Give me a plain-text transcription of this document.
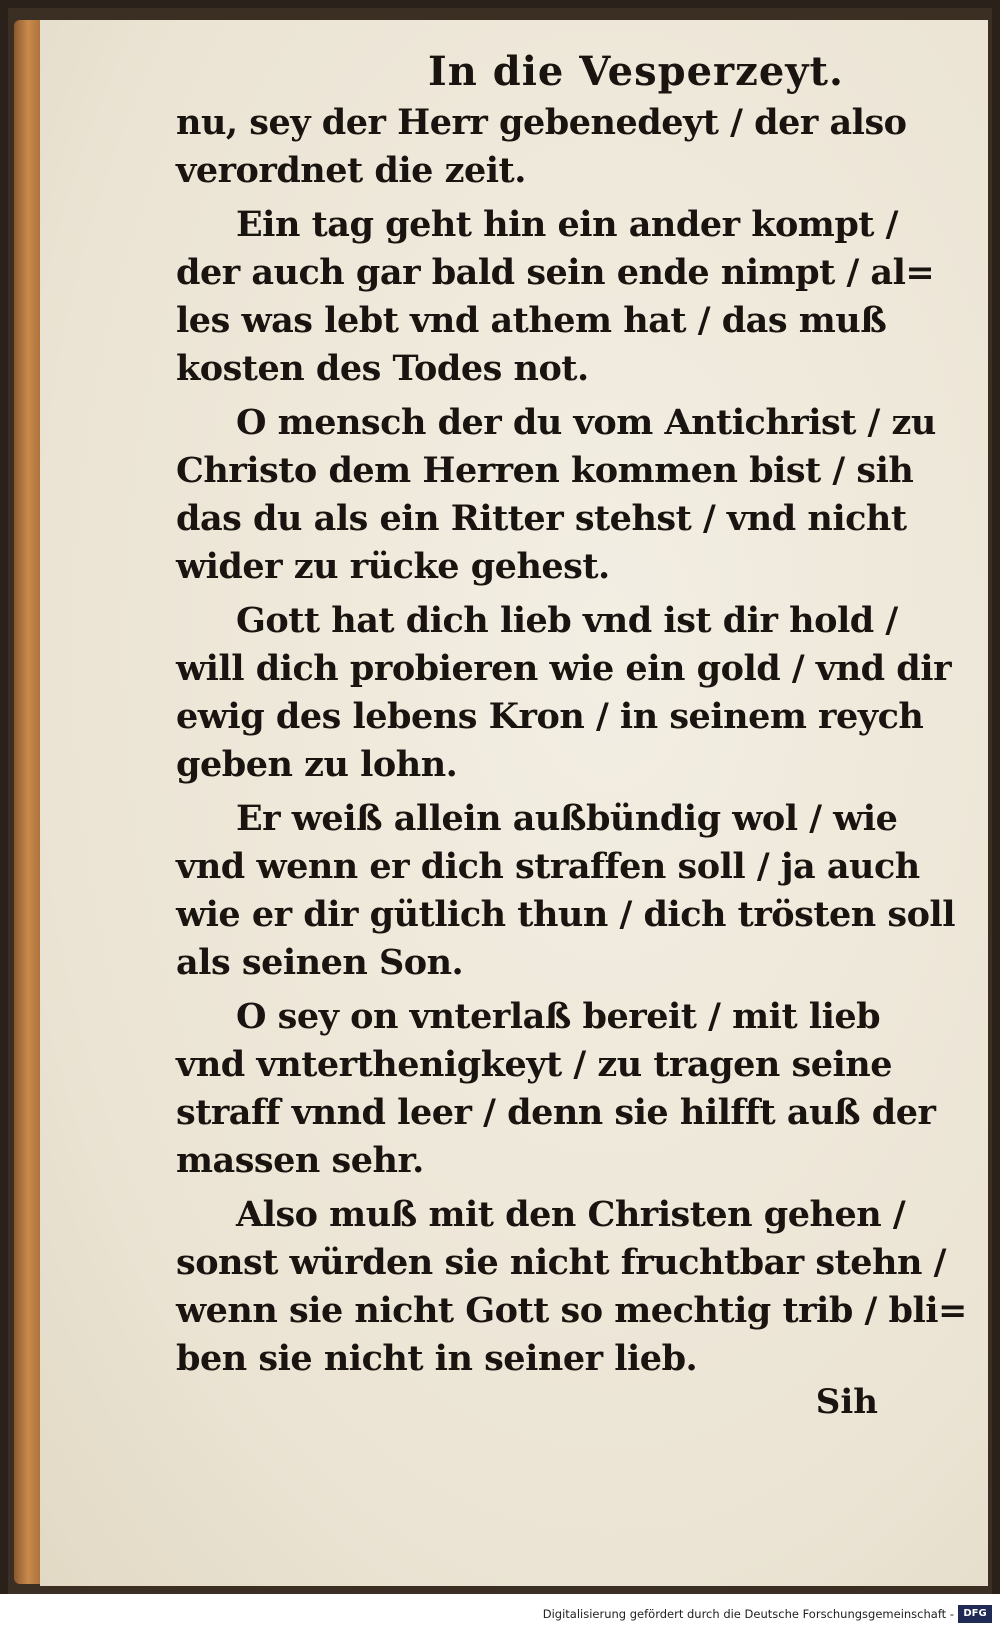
In die Vesperzeyt.
nu, sey der Herr gebenedeyt / der also
verordnet die zeit.
Ein tag geht hin ein ander kompt /
der auch gar bald sein ende nimpt / al=
les was lebt vnd athem hat / das muß
kosten des Todes not.
O mensch der du vom Antichrist / zu
Christo dem Herren kommen bist / sih
das du als ein Ritter stehst / vnd nicht
wider zu rücke gehest.
Gott hat dich lieb vnd ist dir hold /
will dich probieren wie ein gold / vnd dir
ewig des lebens Kron / in seinem reych
geben zu lohn.
Er weiß allein außbündig wol / wie
vnd wenn er dich straffen soll / ja auch
wie er dir gütlich thun / dich trösten soll
als seinen Son.
O sey on vnterlaß bereit / mit lieb
vnd vnterthenigkeyt / zu tragen seine
straff vnnd leer / denn sie hilfft auß der
massen sehr.
Also muß mit den Christen gehen /
sonst würden sie nicht fruchtbar stehn /
wenn sie nicht Gott so mechtig trib / bli=
ben sie nicht in seiner lieb.
Sih
Digitalisierung gefördert durch die Deutsche Forschungsgemeinschaft - DFG
